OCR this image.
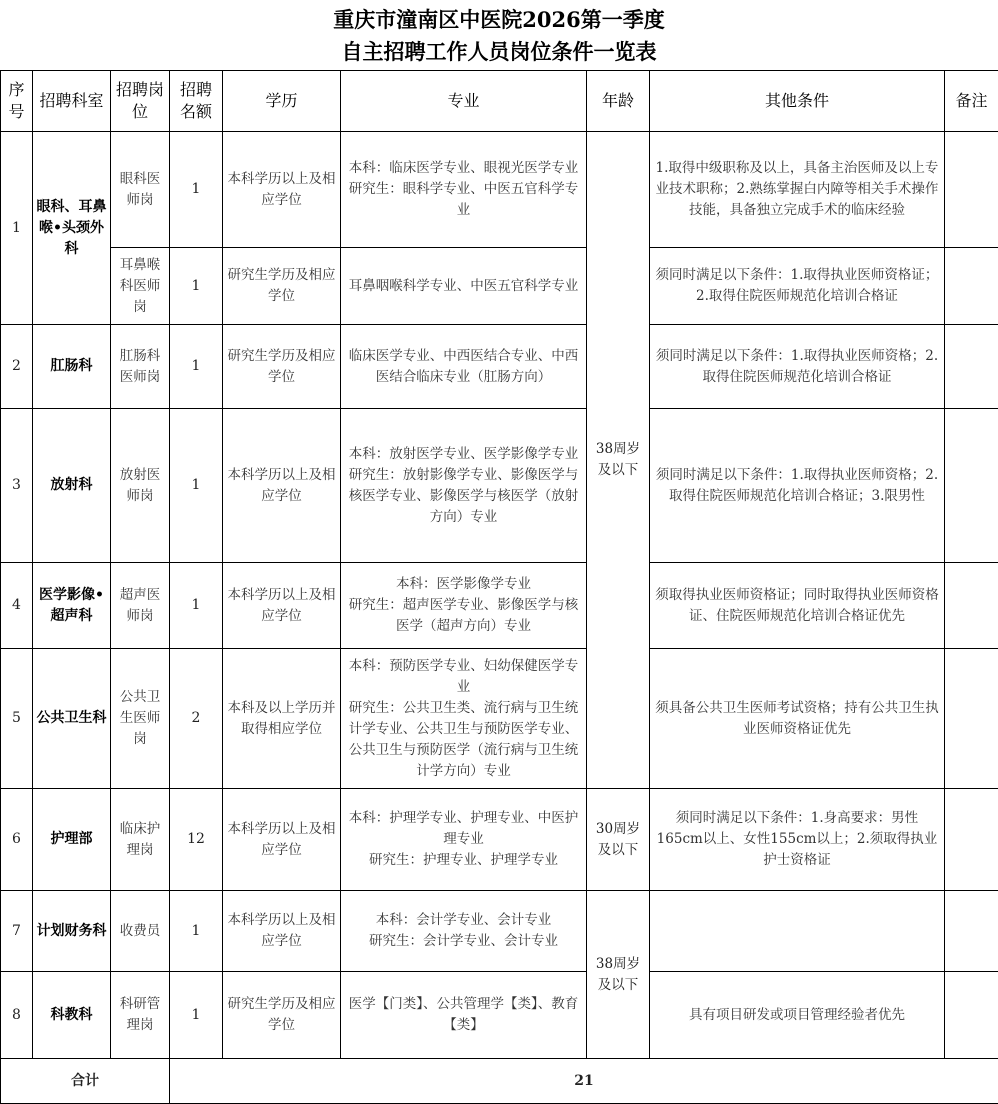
重庆市潼南区中医院2026第一季度
自主招聘工作人员岗位条件一览表
序号	招聘科室	招聘岗位	招聘名额	学历	专业	年龄	其他条件	备注
1	眼科、耳鼻喉•头颈外科	眼科医师岗	1	本科学历以上及相应学位	本科：临床医学专业、眼视光医学专业
研究生：眼科学专业、中医五官科学专业	38周岁及以下	1.取得中级职称及以上，具备主治医师及以上专业技术职称；2.熟练掌握白内障等相关手术操作技能，具备独立完成手术的临床经验	
		耳鼻喉科医师岗	1	研究生学历及相应学位	耳鼻咽喉科学专业、中医五官科学专业		须同时满足以下条件：1.取得执业医师资格证；2.取得住院医师规范化培训合格证	
2	肛肠科	肛肠科医师岗	1	研究生学历及相应学位	临床医学专业、中西医结合专业、中西医结合临床专业（肛肠方向）		须同时满足以下条件：1.取得执业医师资格；2.取得住院医师规范化培训合格证	
3	放射科	放射医师岗	1	本科学历以上及相应学位	本科：放射医学专业、医学影像学专业
研究生：放射影像学专业、影像医学与核医学专业、影像医学与核医学（放射方向）专业		须同时满足以下条件：1.取得执业医师资格；2.取得住院医师规范化培训合格证；3.限男性	
4	医学影像•超声科	超声医师岗	1	本科学历以上及相应学位	本科：医学影像学专业
研究生：超声医学专业、影像医学与核医学（超声方向）专业		须取得执业医师资格证；同时取得执业医师资格证、住院医师规范化培训合格证优先	
5	公共卫生科	公共卫生医师岗	2	本科及以上学历并取得相应学位	本科：预防医学专业、妇幼保健医学专业
研究生：公共卫生类、流行病与卫生统计学专业、公共卫生与预防医学专业、公共卫生与预防医学（流行病与卫生统计学方向）专业		须具备公共卫生医师考试资格；持有公共卫生执业医师资格证优先	
6	护理部	临床护理岗	12	本科学历以上及相应学位	本科：护理学专业、护理专业、中医护理专业
研究生：护理专业、护理学专业	30周岁及以下	须同时满足以下条件：1.身高要求：男性165cm以上、女性155cm以上；2.须取得执业护士资格证	
7	计划财务科	收费员	1	本科学历以上及相应学位	本科：会计学专业、会计专业
研究生：会计学专业、会计专业	38周岁及以下		
8	科教科	科研管理岗	1	研究生学历及相应学位	医学【门类】、公共管理学【类】、教育【类】		具有项目研发或项目管理经验者优先	
合计			21					
